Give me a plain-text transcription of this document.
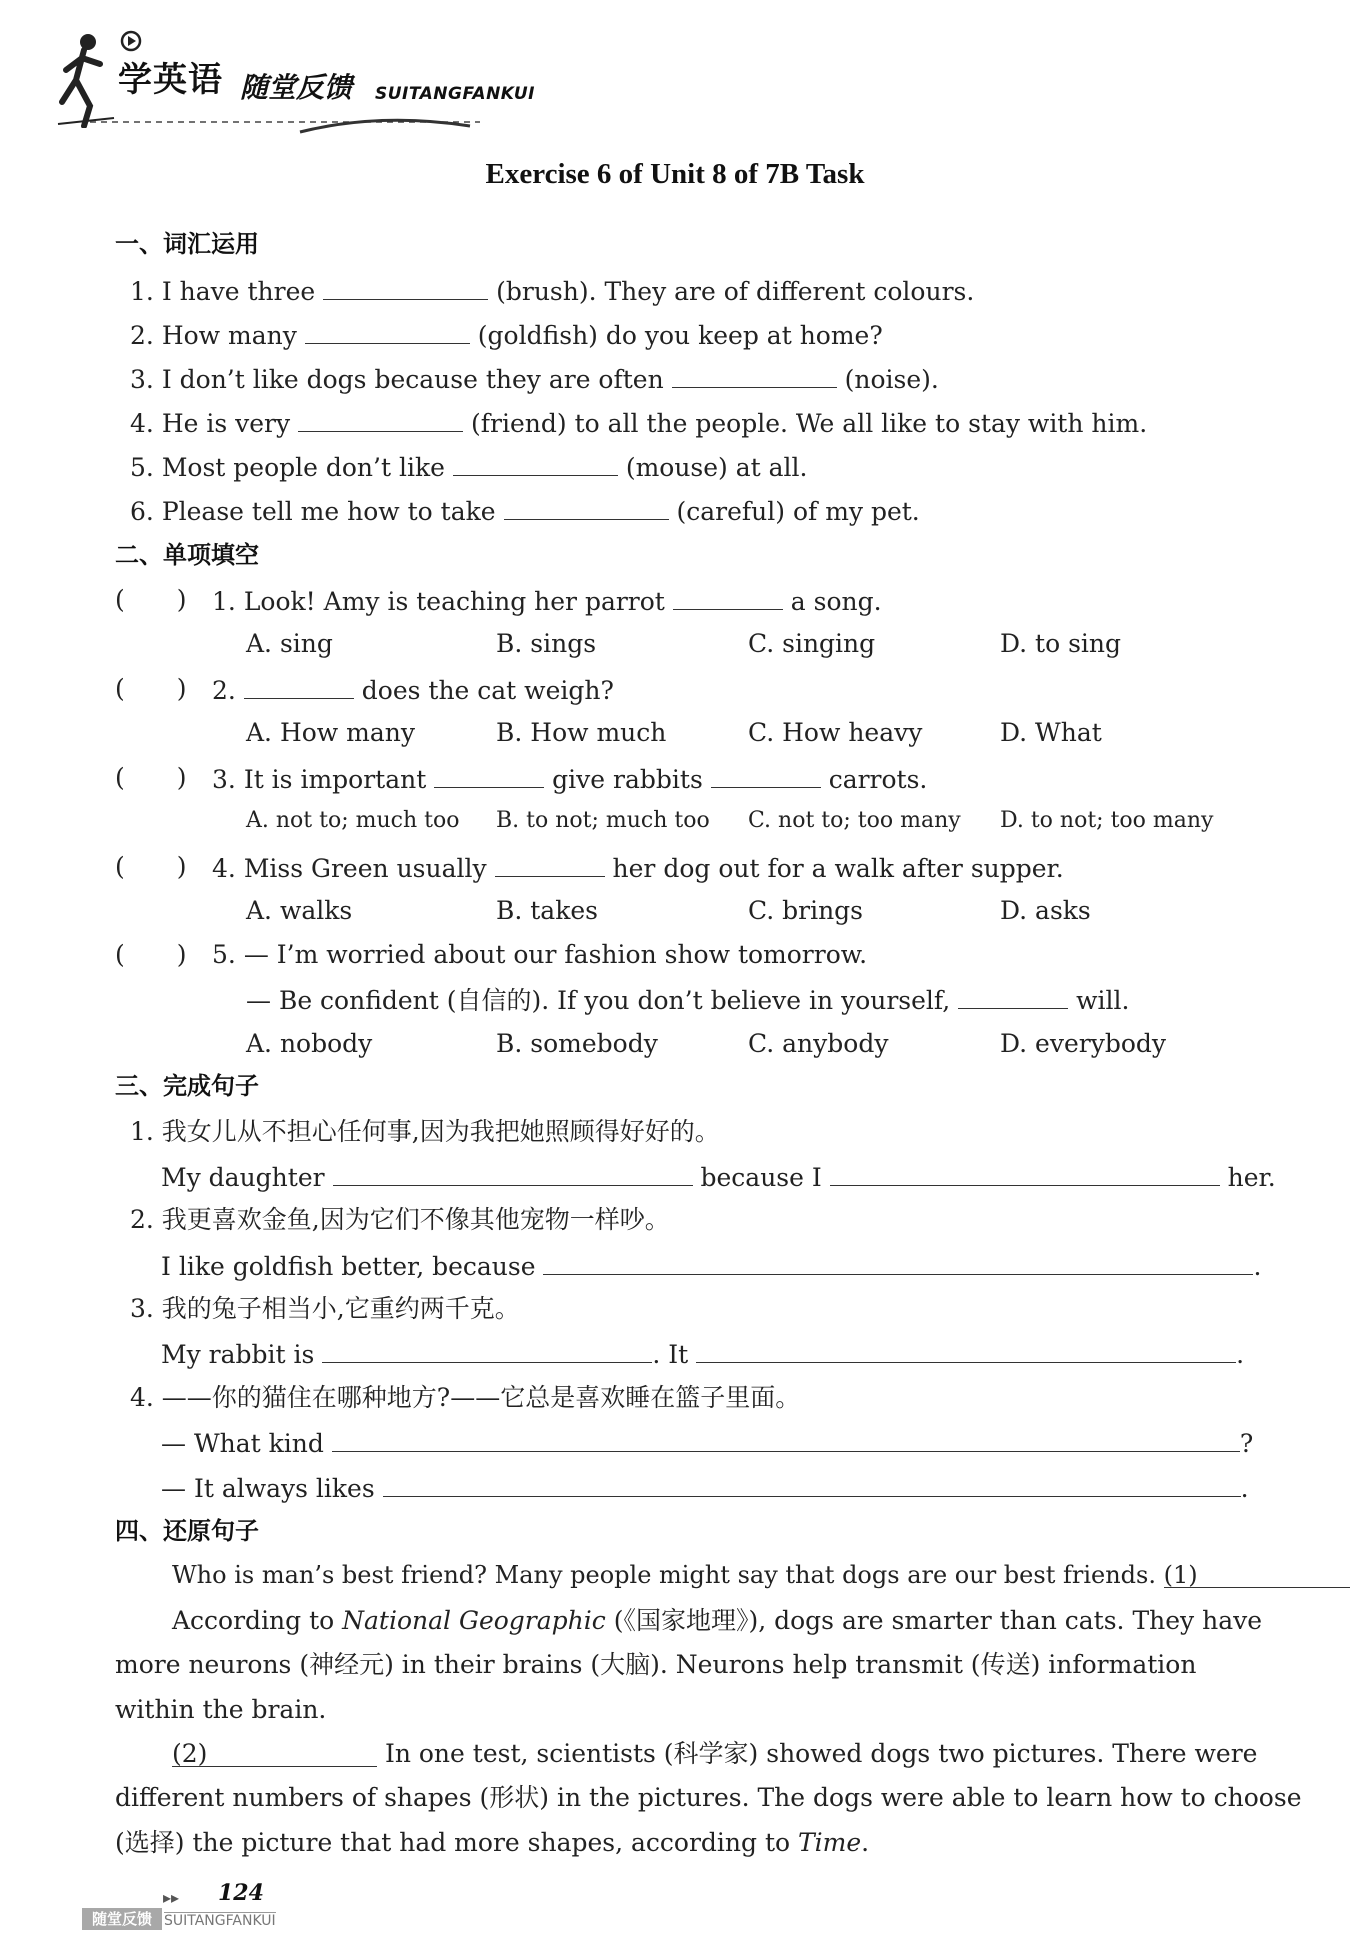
学英语 随堂反馈 SUITANGFANKUI
Exercise 6 of Unit 8 of 7B Task
一、词汇运用
1. I have three	(brush). They are of different colours.
2. How many	(goldfish) do you keep at home?
3. I don’t like dogs because they are often	(noise).
4. He is very	(friend) to all the people. We all like to stay with him.
5. Most people don’t like	(mouse) at all.
6. Please tell me how to take	(careful) of my pet.
二、单项填空
( ) 1. Look! Amy is teaching her parrot	a song.
A. sing	B. sings	C. singing	D. to sing
( ) 2.	does the cat weigh?
A. How many	B. How much	C. How heavy	D. What
( ) 3. It is important	give rabbits	carrots.
A. not to; much too B. to not; much too C. not to; too many D. to not; too many
( ) 4. Miss Green usually	her dog out for a walk after supper.
A. walks	B. takes	C. brings	D. asks
( ) 5. — I’m worried about our fashion show tomorrow.
— Be confident (自信的). If you don’t believe in yourself,	will.
A. nobody	B. somebody	C. anybody	D. everybody
三、完成句子
1. 我女儿从不担心任何事,因为我把她照顾得好好的。
My daughter	because I	her.
2. 我更喜欢金鱼,因为它们不像其他宠物一样吵。
I like goldfish better, because	.
3. 我的兔子相当小,它重约两千克。
My rabbit is	. It	.
4. ——你的猫住在哪种地方?——它总是喜欢睡在篮子里面。
— What kind	?
— It always likes	.
四、还原句子
Who is man’s best friend? Many people might say that dogs are our best friends. (1)
According to National Geographic (《国家地理》), dogs are smarter than cats. They have
more neurons (神经元) in their brains (大脑). Neurons help transmit (传送) information
within the brain.
(2)	In one test, scientists (科学家) showed dogs two pictures. There were
different numbers of shapes (形状) in the pictures. The dogs were able to learn how to choose
(选择) the picture that had more shapes, according to Time.
▸▸ 124
随堂反馈 SUITANGFANKUI
